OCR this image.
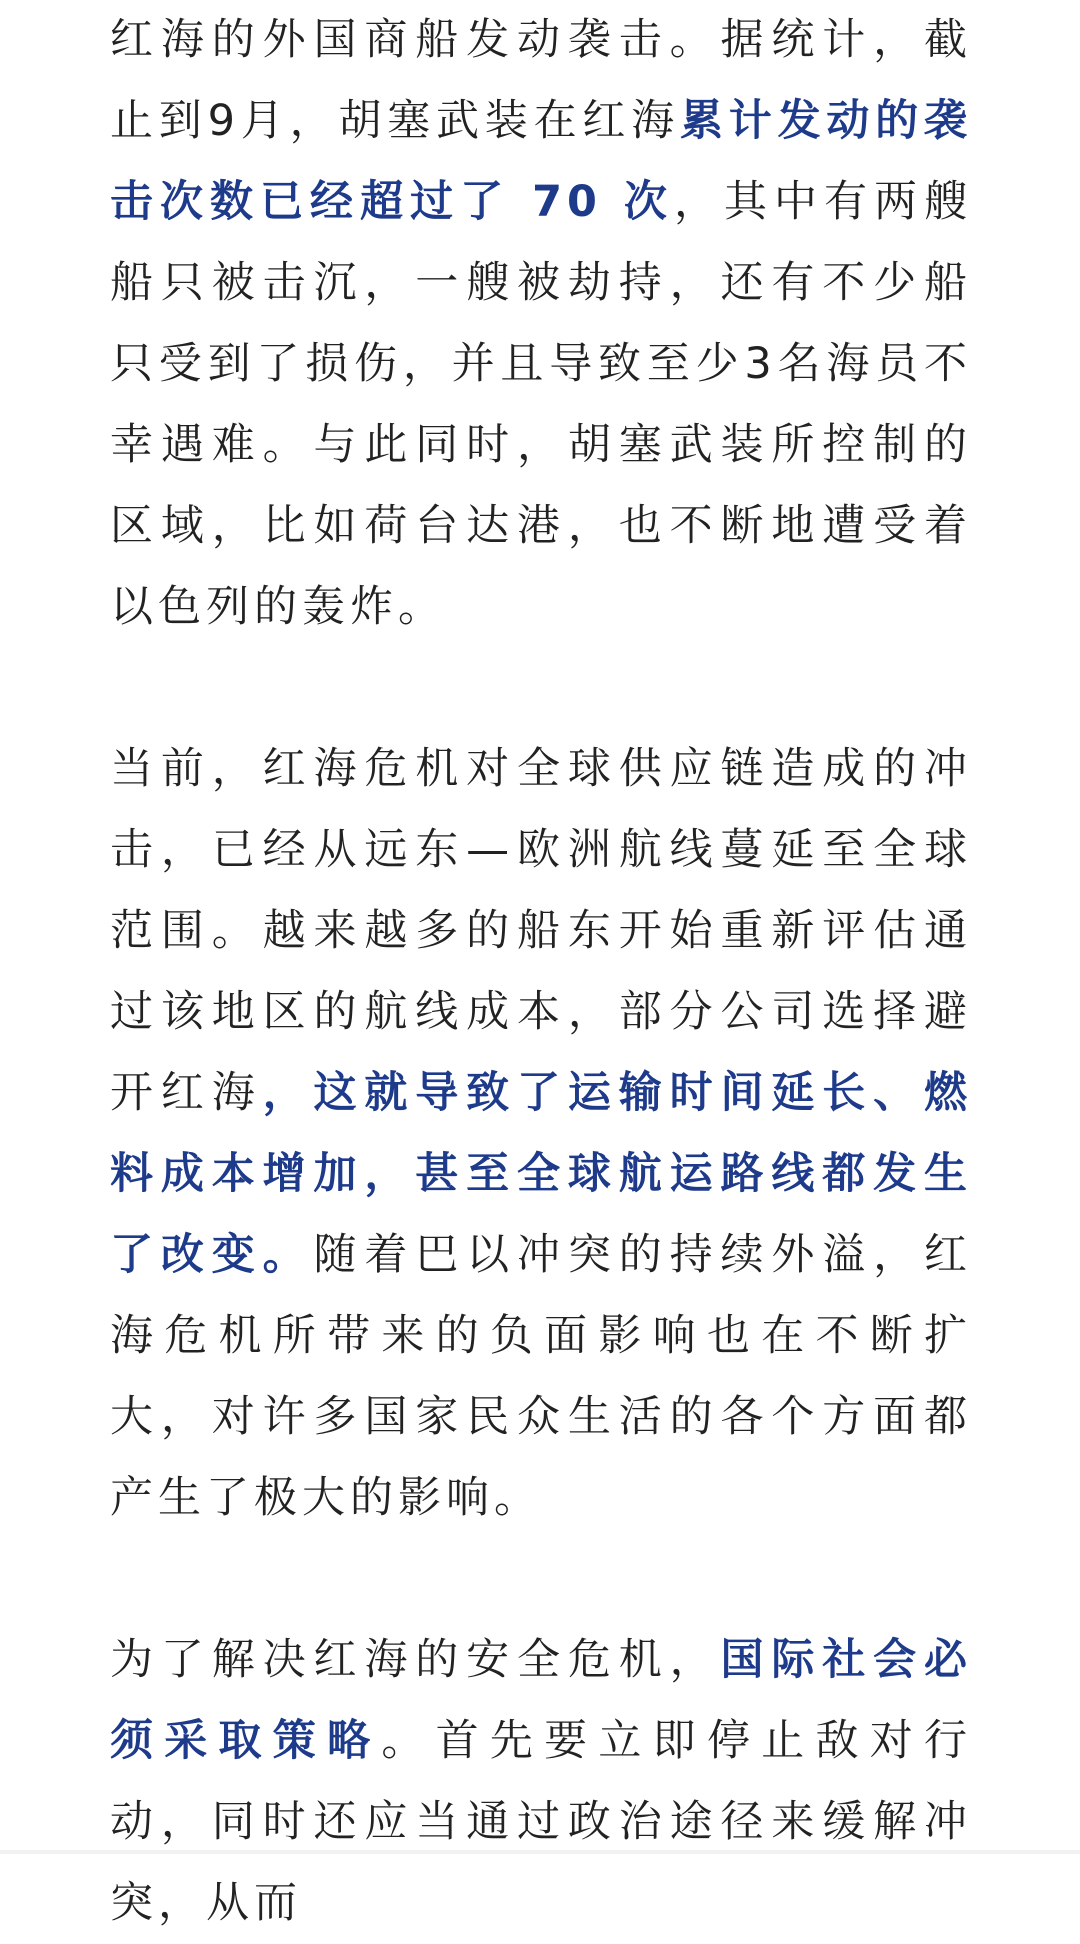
红海的外国商船发动袭击。据统计，截止到9月，胡塞武装在红海累计发动的袭击次数已经超过了 70 次，其中有两艘船只被击沉，一艘被劫持，还有不少船只受到了损伤，并且导致至少3名海员不幸遇难。与此同时，胡塞武装所控制的区域，比如荷台达港，也不断地遭受着以色列的轰炸。

当前，红海危机对全球供应链造成的冲击，已经从远东—欧洲航线蔓延至全球范围。越来越多的船东开始重新评估通过该地区的航线成本，部分公司选择避开红海，这就导致了运输时间延长、燃料成本增加，甚至全球航运路线都发生了改变。随着巴以冲突的持续外溢，红海危机所带来的负面影响也在不断扩大，对许多国家民众生活的各个方面都产生了极大的影响。

为了解决红海的安全危机，国际社会必须采取策略。首先要立即停止敌对行动，同时还应当通过政治途径来缓解冲突，从而
